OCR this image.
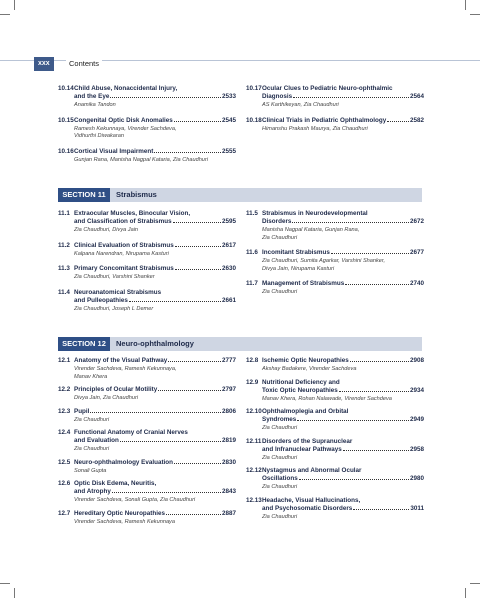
xxx	Contents
10.14 Child Abuse, Nonaccidental Injury,
and the Eye	2533
Anamika Tandon
10.15 Congenital Optic Disk Anomalies	2545
Ramesh Kekunnaya, Virender Sachdeva,
Vidhurthi Diwakaran
10.16 Cortical Visual Impairment	2555
Gunjan Rana, Manisha Nagpal Kataria, Zia Chaudhuri
10.17 Ocular Clues to Pediatric Neuro-ophthalmic
Diagnosis	2564
AS Karthikeyan, Zia Chaudhuri
10.18 Clinical Trials in Pediatric Ophthalmology	2582
Himanshu Prakash Maurya, Zia Chaudhuri
SECTION 11	Strabismus
11.1 Extraocular Muscles, Binocular Vision,
and Classification of Strabismus	2595
Zia Chaudhuri, Divya Jain
11.2 Clinical Evaluation of Strabismus	2617
Kalpana Narendran, Nirupama Kasturi
11.3 Primary Concomitant Strabismus	2630
Zia Chaudhuri, Varshini Shanker
11.4 Neuroanatomical Strabismus
and Pulleopathies	2661
Zia Chaudhuri, Joseph L Demer
11.5 Strabismus in Neurodevelopmental
Disorders	2672
Manisha Nagpal Kataria, Gunjan Rana,
Zia Chaudhuri
11.6 Incomitant Strabismus	2677
Zia Chaudhuri, Sumita Agarkar, Varshini Shanker,
Divya Jain, Nirupama Kasturi
11.7 Management of Strabismus	2740
Zia Chaudhuri
SECTION 12	Neuro-ophthalmology
12.1 Anatomy of the Visual Pathway	2777
Virender Sachdeva, Ramesh Kekunnaya,
Manav Khera
12.2 Principles of Ocular Motility	2797
Divya Jain, Zia Chaudhuri
12.3 Pupil	2806
Zia Chaudhuri
12.4 Functional Anatomy of Cranial Nerves
and Evaluation	2819
Zia Chaudhuri
12.5 Neuro-ophthalmology Evaluation	2830
Sonali Gupta
12.6 Optic Disk Edema, Neuritis,
and Atrophy	2843
Virender Sachdeva, Sonali Gupta, Zia Chaudhuri
12.7 Hereditary Optic Neuropathies	2887
Virender Sachdeva, Ramesh Kekunnaya
12.8 Ischemic Optic Neuropathies	2908
Akshay Badakere, Virender Sachdeva
12.9 Nutritional Deficiency and
Toxic Optic Neuropathies	2934
Manav Khera, Rohan Nalawade, Virender Sachdeva
12.10 Ophthalmoplegia and Orbital
Syndromes	2949
Zia Chaudhuri
12.11 Disorders of the Supranuclear
and Infranuclear Pathways	2958
Zia Chaudhuri
12.12 Nystagmus and Abnormal Ocular
Oscillations	2980
Zia Chaudhuri
12.13 Headache, Visual Hallucinations,
and Psychosomatic Disorders	3011
Zia Chaudhuri
